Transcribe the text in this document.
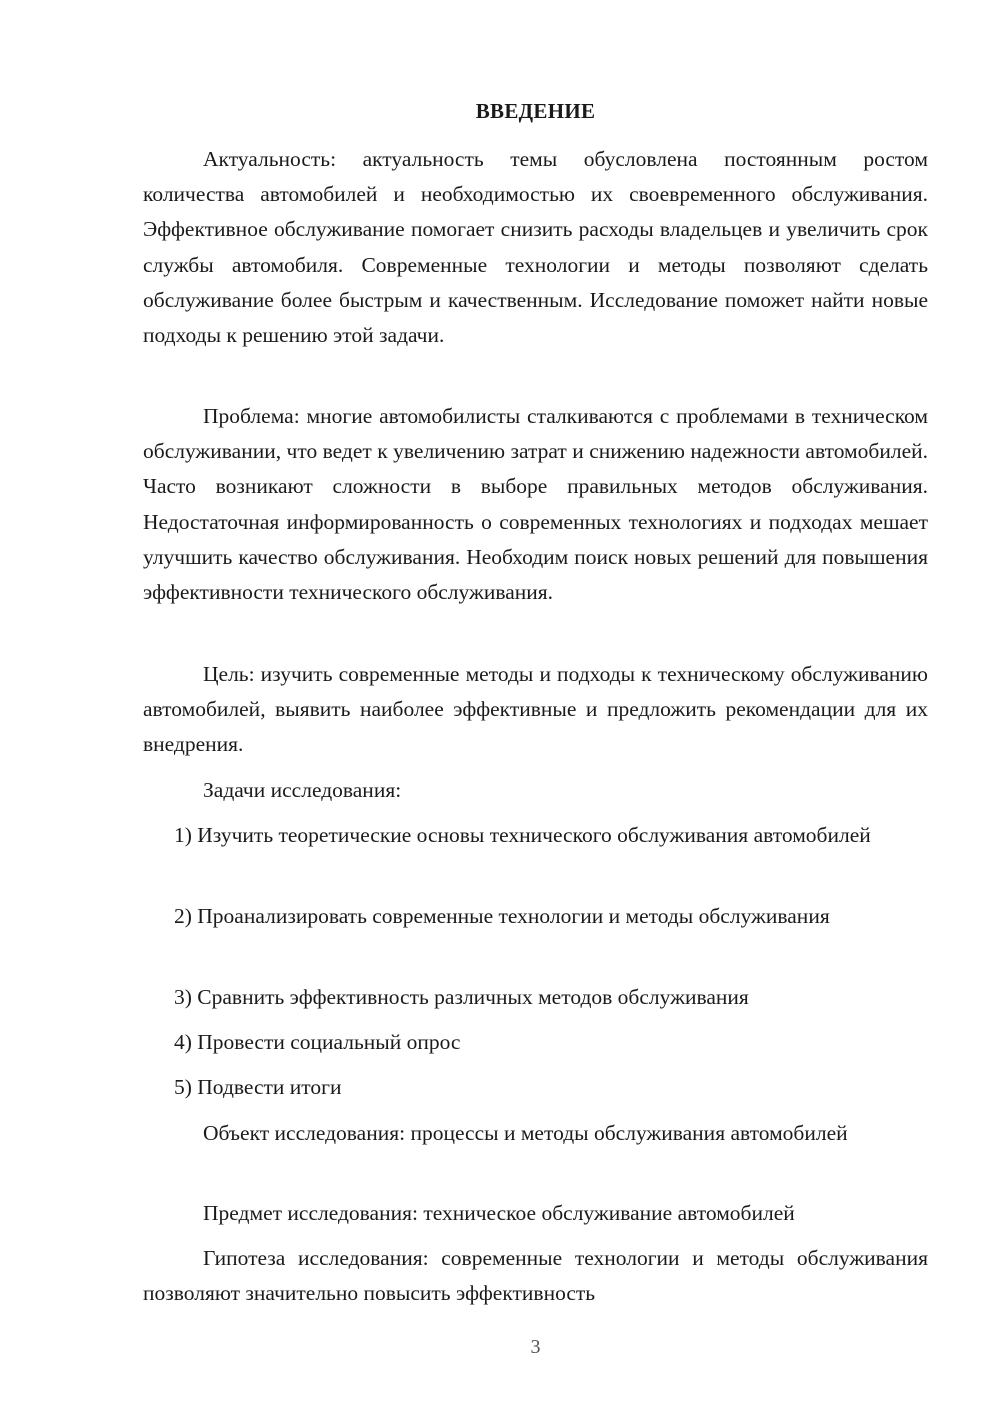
ВВЕДЕНИЕ

Актуальность: актуальность темы обусловлена постоянным ростом количества автомобилей и необходимостью их своевременного обслуживания. Эффективное обслуживание помогает снизить расходы владельцев и увеличить срок службы автомобиля. Современные технологии и методы позволяют сделать обслуживание более быстрым и качественным. Исследование поможет найти новые подходы к решению этой задачи.

Проблема: многие автомобилисты сталкиваются с проблемами в техническом обслуживании, что ведет к увеличению затрат и снижению надежности автомобилей. Часто возникают сложности в выборе правильных методов обслуживания. Недостаточная информированность о современных технологиях и подходах мешает улучшить качество обслуживания. Необходим поиск новых решений для повышения эффективности технического обслуживания.

Цель: изучить современные методы и подходы к техническому обслуживанию автомобилей, выявить наиболее эффективные и предложить рекомендации для их внедрения.

Задачи исследования:

1) Изучить теоретические основы технического обслуживания автомобилей

2) Проанализировать современные технологии и методы обслуживания

3) Сравнить эффективность различных методов обслуживания

4) Провести социальный опрос

5) Подвести итоги

Объект исследования: процессы и методы обслуживания автомобилей

Предмет исследования: техническое обслуживание автомобилей

Гипотеза исследования: современные технологии и методы обслуживания позволяют значительно повысить эффективность

3
